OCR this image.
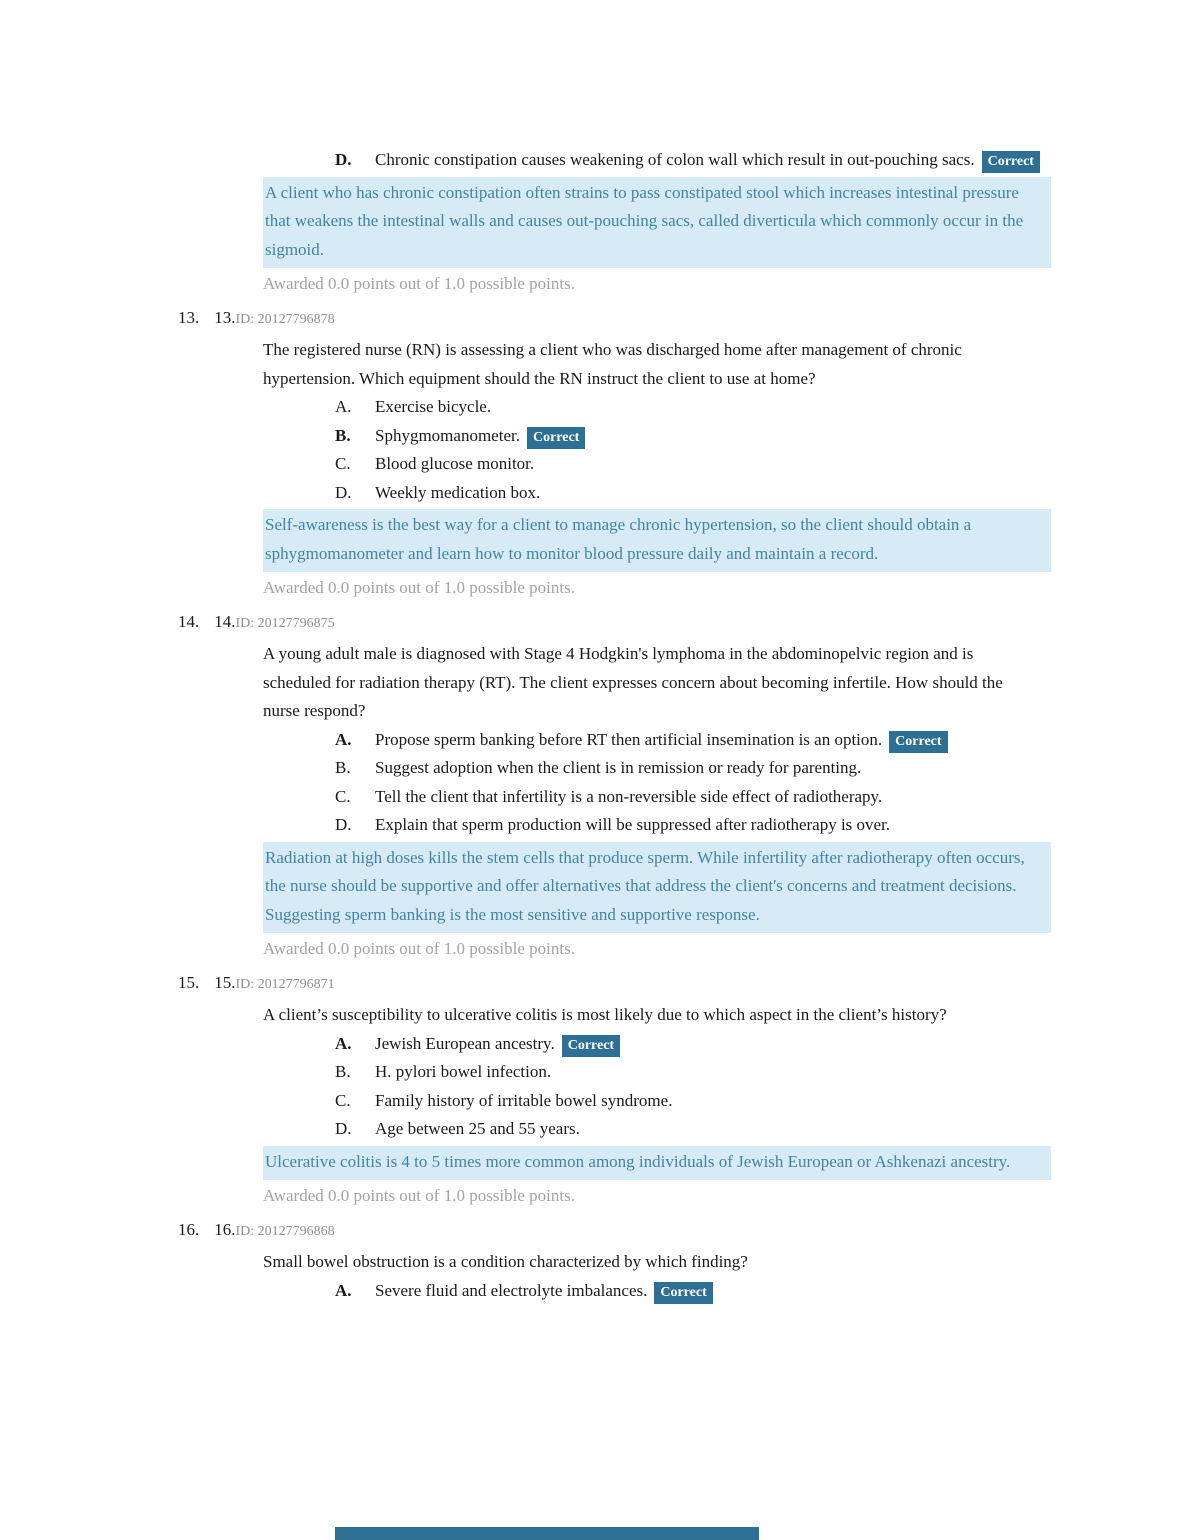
D. Chronic constipation causes weakening of colon wall which result in out-pouching sacs. Correct
A client who has chronic constipation often strains to pass constipated stool which increases intestinal pressure that weakens the intestinal walls and causes out-pouching sacs, called diverticula which commonly occur in the sigmoid.
Awarded 0.0 points out of 1.0 possible points.
13. 13.ID: 20127796878
The registered nurse (RN) is assessing a client who was discharged home after management of chronic hypertension. Which equipment should the RN instruct the client to use at home?
A. Exercise bicycle.
B. Sphygmomanometer. Correct
C. Blood glucose monitor.
D. Weekly medication box.
Self-awareness is the best way for a client to manage chronic hypertension, so the client should obtain a sphygmomanometer and learn how to monitor blood pressure daily and maintain a record.
Awarded 0.0 points out of 1.0 possible points.
14. 14.ID: 20127796875
A young adult male is diagnosed with Stage 4 Hodgkin's lymphoma in the abdominopelvic region and is scheduled for radiation therapy (RT). The client expresses concern about becoming infertile. How should the nurse respond?
A. Propose sperm banking before RT then artificial insemination is an option. Correct
B. Suggest adoption when the client is in remission or ready for parenting.
C. Tell the client that infertility is a non-reversible side effect of radiotherapy.
D. Explain that sperm production will be suppressed after radiotherapy is over.
Radiation at high doses kills the stem cells that produce sperm. While infertility after radiotherapy often occurs, the nurse should be supportive and offer alternatives that address the client's concerns and treatment decisions. Suggesting sperm banking is the most sensitive and supportive response.
Awarded 0.0 points out of 1.0 possible points.
15. 15.ID: 20127796871
A client’s susceptibility to ulcerative colitis is most likely due to which aspect in the client’s history?
A. Jewish European ancestry. Correct
B. H. pylori bowel infection.
C. Family history of irritable bowel syndrome.
D. Age between 25 and 55 years.
Ulcerative colitis is 4 to 5 times more common among individuals of Jewish European or Ashkenazi ancestry.
Awarded 0.0 points out of 1.0 possible points.
16. 16.ID: 20127796868
Small bowel obstruction is a condition characterized by which finding?
A. Severe fluid and electrolyte imbalances. Correct
